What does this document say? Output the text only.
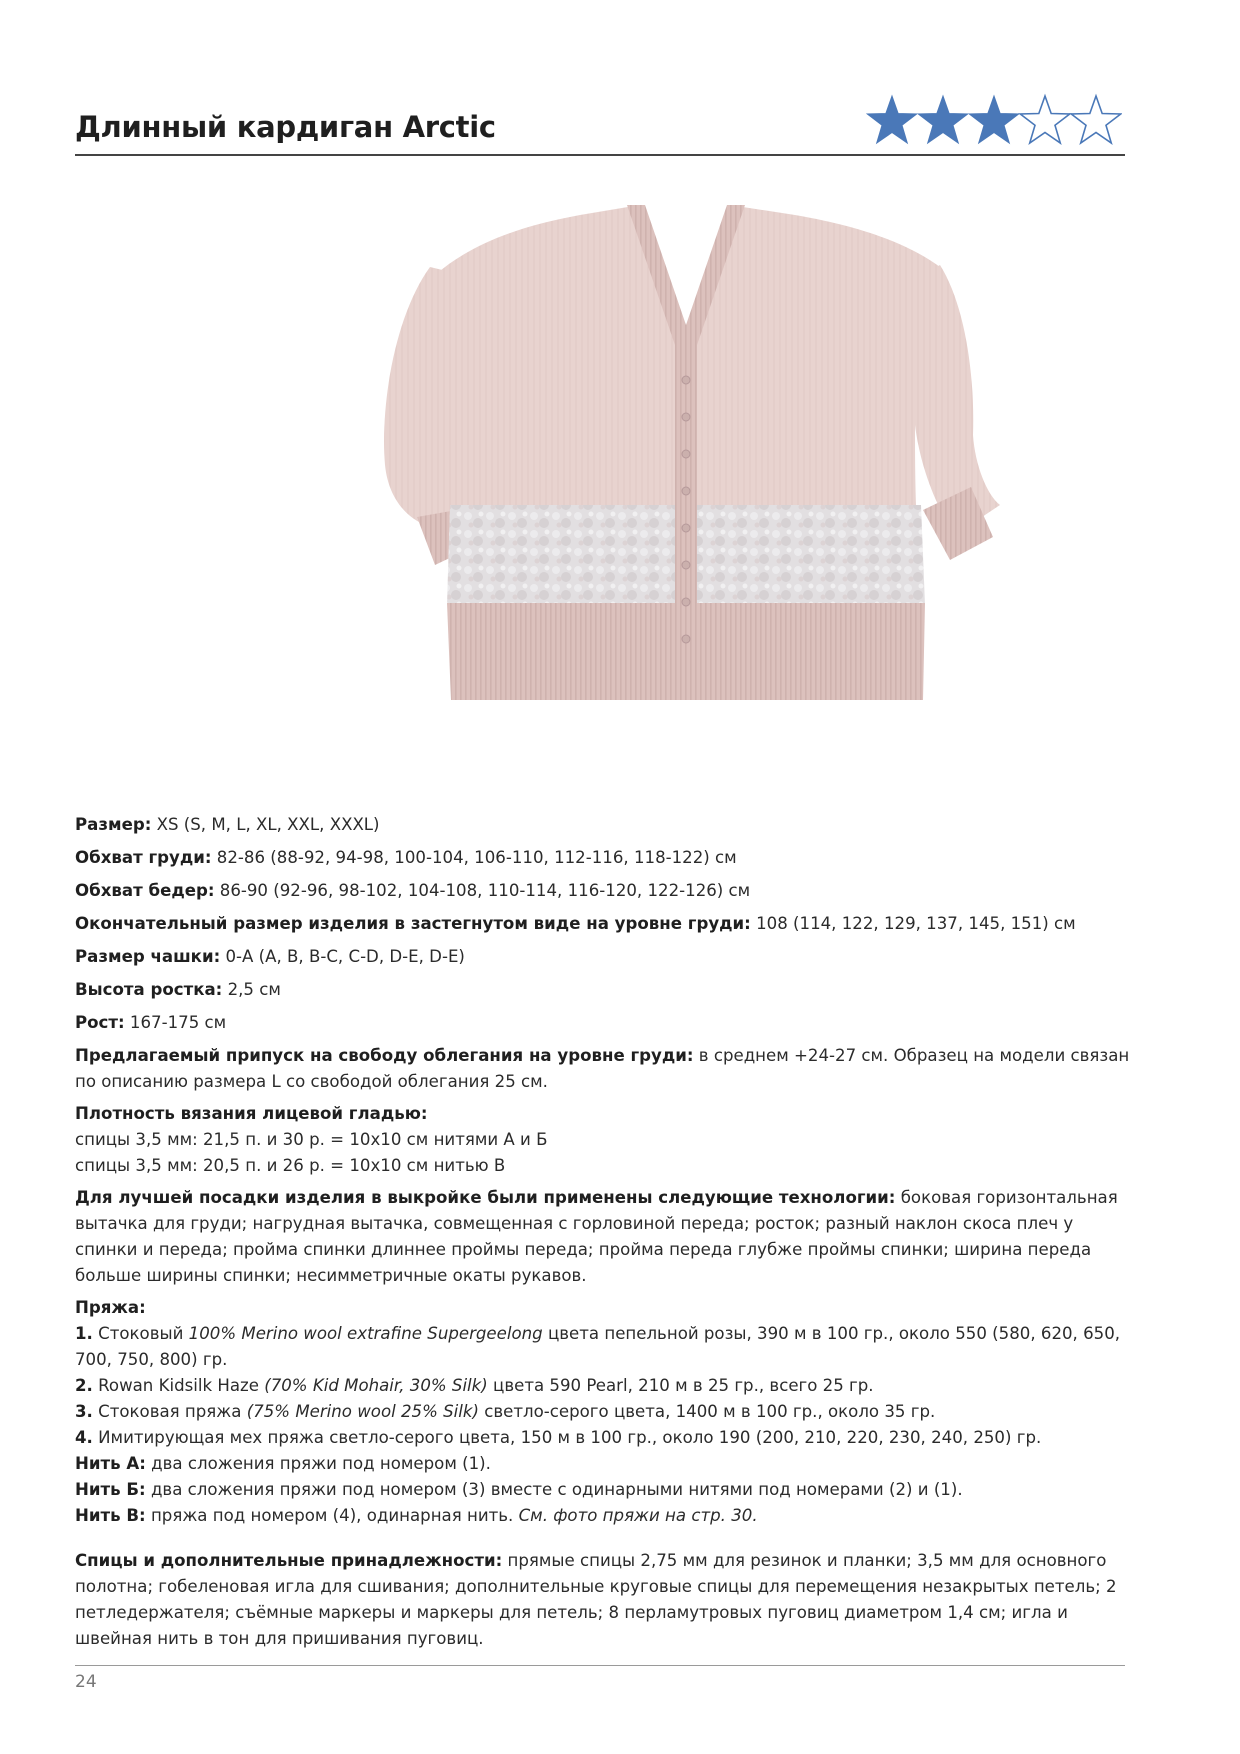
Длинный кардиган Arctic

Размер: XS (S, M, L, XL, XXL, XXXL)

Обхват груди: 82-86 (88-92, 94-98, 100-104, 106-110, 112-116, 118-122) см

Обхват бедер: 86-90 (92-96, 98-102, 104-108, 110-114, 116-120, 122-126) см

Окончательный размер изделия в застегнутом виде на уровне груди: 108 (114, 122, 129, 137, 145, 151) см

Размер чашки: 0-A (A, B, B-C, C-D, D-E, D-E)

Высота ростка: 2,5 см

Рост: 167-175 см

Предлагаемый припуск на свободу облегания на уровне груди: в среднем +24-27 см. Образец на модели связан по описанию размера L со свободой облегания 25 см.

Плотность вязания лицевой гладью:
спицы 3,5 мм: 21,5 п. и 30 р. = 10х10 см нитями А и Б
спицы 3,5 мм: 20,5 п. и 26 р. = 10х10 см нитью В

Для лучшей посадки изделия в выкройке были применены следующие технологии: боковая горизонтальная вытачка для груди; нагрудная вытачка, совмещенная с горловиной переда; росток; разный наклон скоса плеч у спинки и переда; пройма спинки длиннее проймы переда; пройма переда глубже проймы спинки; ширина переда больше ширины спинки; несимметричные окаты рукавов.

Пряжа:
1. Стоковый 100% Merino wool extrafine Supergeelong цвета пепельной розы, 390 м в 100 гр., около 550 (580, 620, 650, 700, 750, 800) гр.
2. Rowan Kidsilk Haze (70% Kid Mohair, 30% Silk) цвета 590 Pearl, 210 м в 25 гр., всего 25 гр.
3. Стоковая пряжа (75% Merino wool 25% Silk) светло-серого цвета, 1400 м в 100 гр., около 35 гр.
4. Имитирующая мех пряжа светло-серого цвета, 150 м в 100 гр., около 190 (200, 210, 220, 230, 240, 250) гр.
Нить А: два сложения пряжи под номером (1).
Нить Б: два сложения пряжи под номером (3) вместе с одинарными нитями под номерами (2) и (1).
Нить В: пряжа под номером (4), одинарная нить. См. фото пряжи на стр. 30.

Спицы и дополнительные принадлежности: прямые спицы 2,75 мм для резинок и планки; 3,5 мм для основного полотна; гобеленовая игла для сшивания; дополнительные круговые спицы для перемещения незакрытых петель; 2 петледержателя; съёмные маркеры и маркеры для петель; 8 перламутровых пуговиц диаметром 1,4 см; игла и швейная нить в тон для пришивания пуговиц.

24
